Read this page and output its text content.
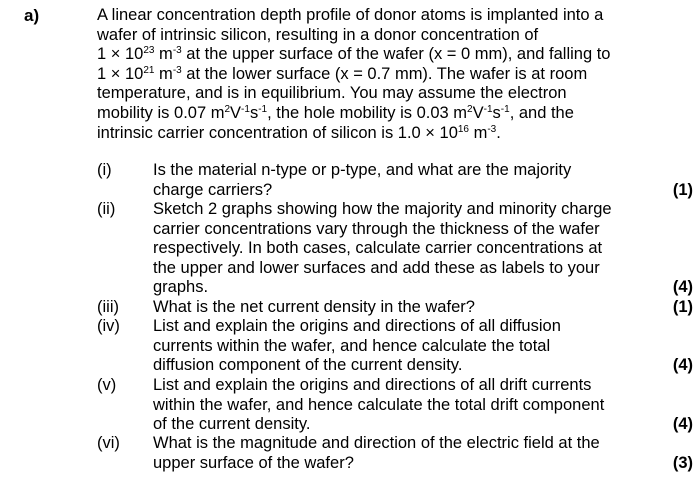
a)	A linear concentration depth profile of donor atoms is implanted into a
wafer of intrinsic silicon, resulting in a donor concentration of
$1 \times 10^{23}$ $m^{-3}$ at the upper surface of the wafer (x = 0 mm), and falling to
$1 \times 10^{21}$ $m^{-3}$ at the lower surface (x = 0.7 mm). The wafer is at room
temperature, and is in equilibrium. You may assume the electron
mobility is 0.07 $m^2V^{-1}s^{-1}$, the hole mobility is 0.03 $m^2V^{-1}s^{-1}$, and the
intrinsic carrier concentration of silicon is $1.0 \times 10^{16}$ $m^{-3}$.
(i)	Is the material n-type or p-type, and what are the majority
charge carriers?	(1)
(ii) Sketch 2 graphs showing how the majority and minority charge
carrier concentrations vary through the thickness of the wafer
respectively. In both cases, calculate carrier concentrations at
the upper and lower surfaces and add these as labels to your
graphs.	(4)
(iii) What is the net current density in the wafer?	(1)
(iv) List and explain the origins and directions of all diffusion
currents within the wafer, and hence calculate the total
diffusion component of the current density.	(4)
(v) List and explain the origins and directions of all drift currents
within the wafer, and hence calculate the total drift component
of the current density.	(4)
(vi) What is the magnitude and direction of the electric field at the
upper surface of the wafer?	(3)
